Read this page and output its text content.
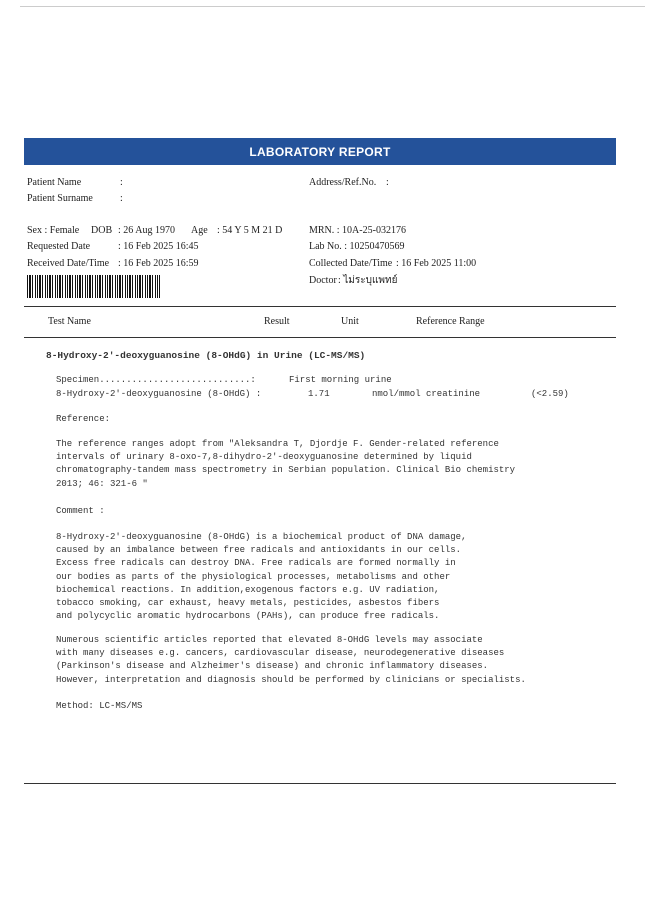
LABORATORY REPORT
Patient Name	:
Patient Surname	:
Address/Ref.No. :
Sex : Female DOB : 26 Aug 1970 Age : 54 Y 5 M 21 D	MRN. : 10A-25-032176
Requested Date	: 16 Feb 2025 16:45	Lab No. : 10250470569
Received Date/Time : 16 Feb 2025 16:59	Collected Date/Time : 16 Feb 2025 11:00
Doctor : ไม่ระบุแพทย์
Test Name	Result	Unit	Reference Range
8-Hydroxy-2'-deoxyguanosine (8-OHdG) in Urine (LC-MS/MS)
Specimen............................:	First morning urine
8-Hydroxy-2'-deoxyguanosine (8-OHdG) :	1.71	nmol/mmol creatinine	(<2.59)
Reference:
The reference ranges adopt from "Aleksandra T, Djordje F. Gender-related reference
intervals of urinary 8-oxo-7,8-dihydro-2'-deoxyguanosine determined by liquid
chromatography-tandem mass spectrometry in Serbian population. Clinical Bio chemistry
2013; 46: 321-6 "
Comment :
8-Hydroxy-2'-deoxyguanosine (8-OHdG) is a biochemical product of DNA damage,
caused by an imbalance between free radicals and antioxidants in our cells.
Excess free radicals can destroy DNA. Free radicals are formed normally in
our bodies as parts of the physiological processes, metabolisms and other
biochemical reactions. In addition,exogenous factors e.g. UV radiation,
tobacco smoking, car exhaust, heavy metals, pesticides, asbestos fibers
and polycyclic aromatic hydrocarbons (PAHs), can produce free radicals.
Numerous scientific articles reported that elevated 8-OHdG levels may associate
with many diseases e.g. cancers, cardiovascular disease, neurodegenerative diseases
(Parkinson's disease and Alzheimer's disease) and chronic inflammatory diseases.
However, interpretation and diagnosis should be performed by clinicians or specialists.
Method: LC-MS/MS
